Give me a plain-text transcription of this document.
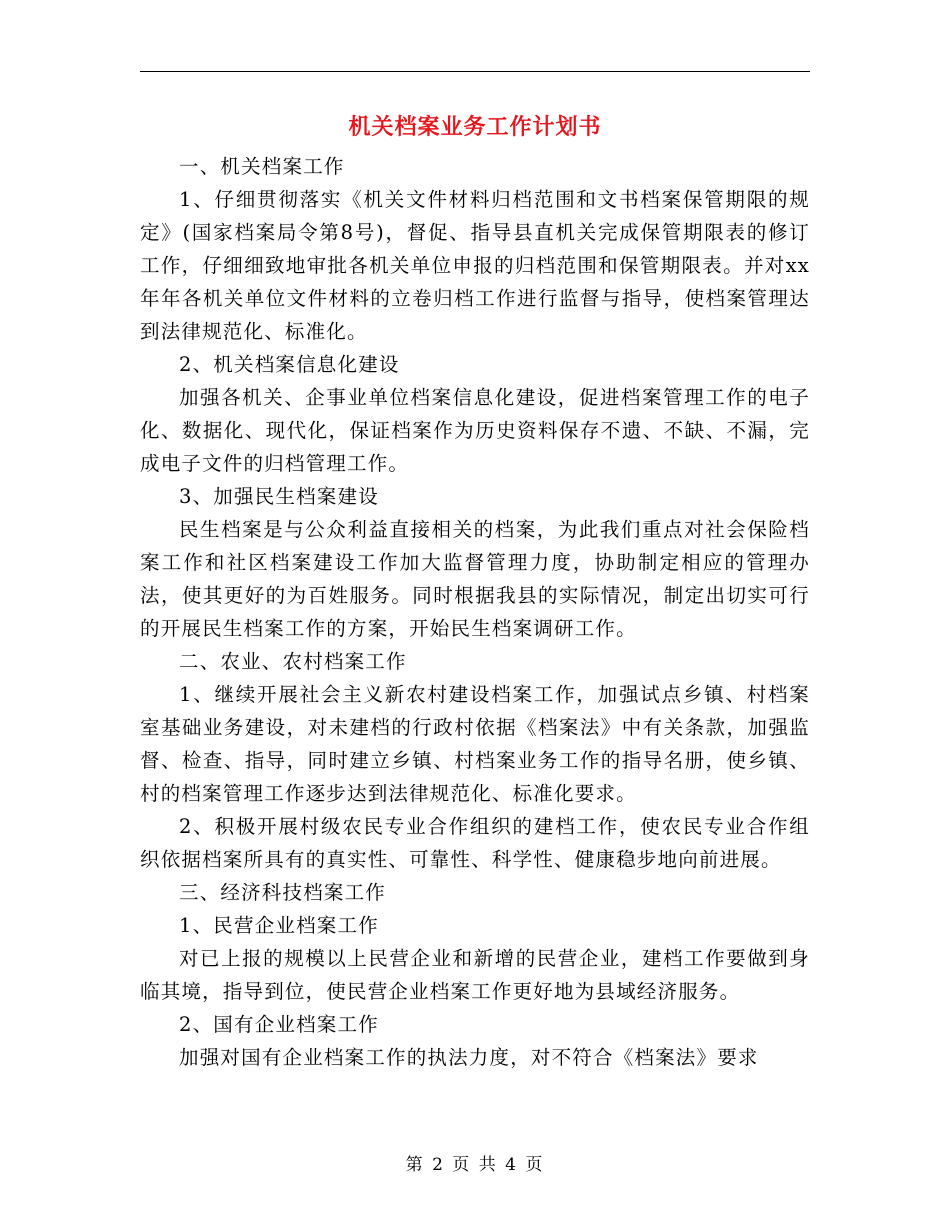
机关档案业务工作计划书

一、机关档案工作

1、仔细贯彻落实《机关文件材料归档范围和文书档案保管期限的规定》(国家档案局令第8号)，督促、指导县直机关完成保管期限表的修订工作，仔细细致地审批各机关单位申报的归档范围和保管期限表。并对xx年年各机关单位文件材料的立卷归档工作进行监督与指导，使档案管理达到法律规范化、标准化。

2、机关档案信息化建设

加强各机关、企事业单位档案信息化建设，促进档案管理工作的电子化、数据化、现代化，保证档案作为历史资料保存不遗、不缺、不漏，完成电子文件的归档管理工作。

3、加强民生档案建设

民生档案是与公众利益直接相关的档案，为此我们重点对社会保险档案工作和社区档案建设工作加大监督管理力度，协助制定相应的管理办法，使其更好的为百姓服务。同时根据我县的实际情况，制定出切实可行的开展民生档案工作的方案，开始民生档案调研工作。

二、农业、农村档案工作

1、继续开展社会主义新农村建设档案工作，加强试点乡镇、村档案室基础业务建设，对未建档的行政村依据《档案法》中有关条款，加强监督、检查、指导，同时建立乡镇、村档案业务工作的指导名册，使乡镇、村的档案管理工作逐步达到法律规范化、标准化要求。

2、积极开展村级农民专业合作组织的建档工作，使农民专业合作组织依据档案所具有的真实性、可靠性、科学性、健康稳步地向前进展。

三、经济科技档案工作

1、民营企业档案工作

对已上报的规模以上民营企业和新增的民营企业，建档工作要做到身临其境，指导到位，使民营企业档案工作更好地为县域经济服务。

2、国有企业档案工作

加强对国有企业档案工作的执法力度，对不符合《档案法》要求

第 2 页 共 4 页
